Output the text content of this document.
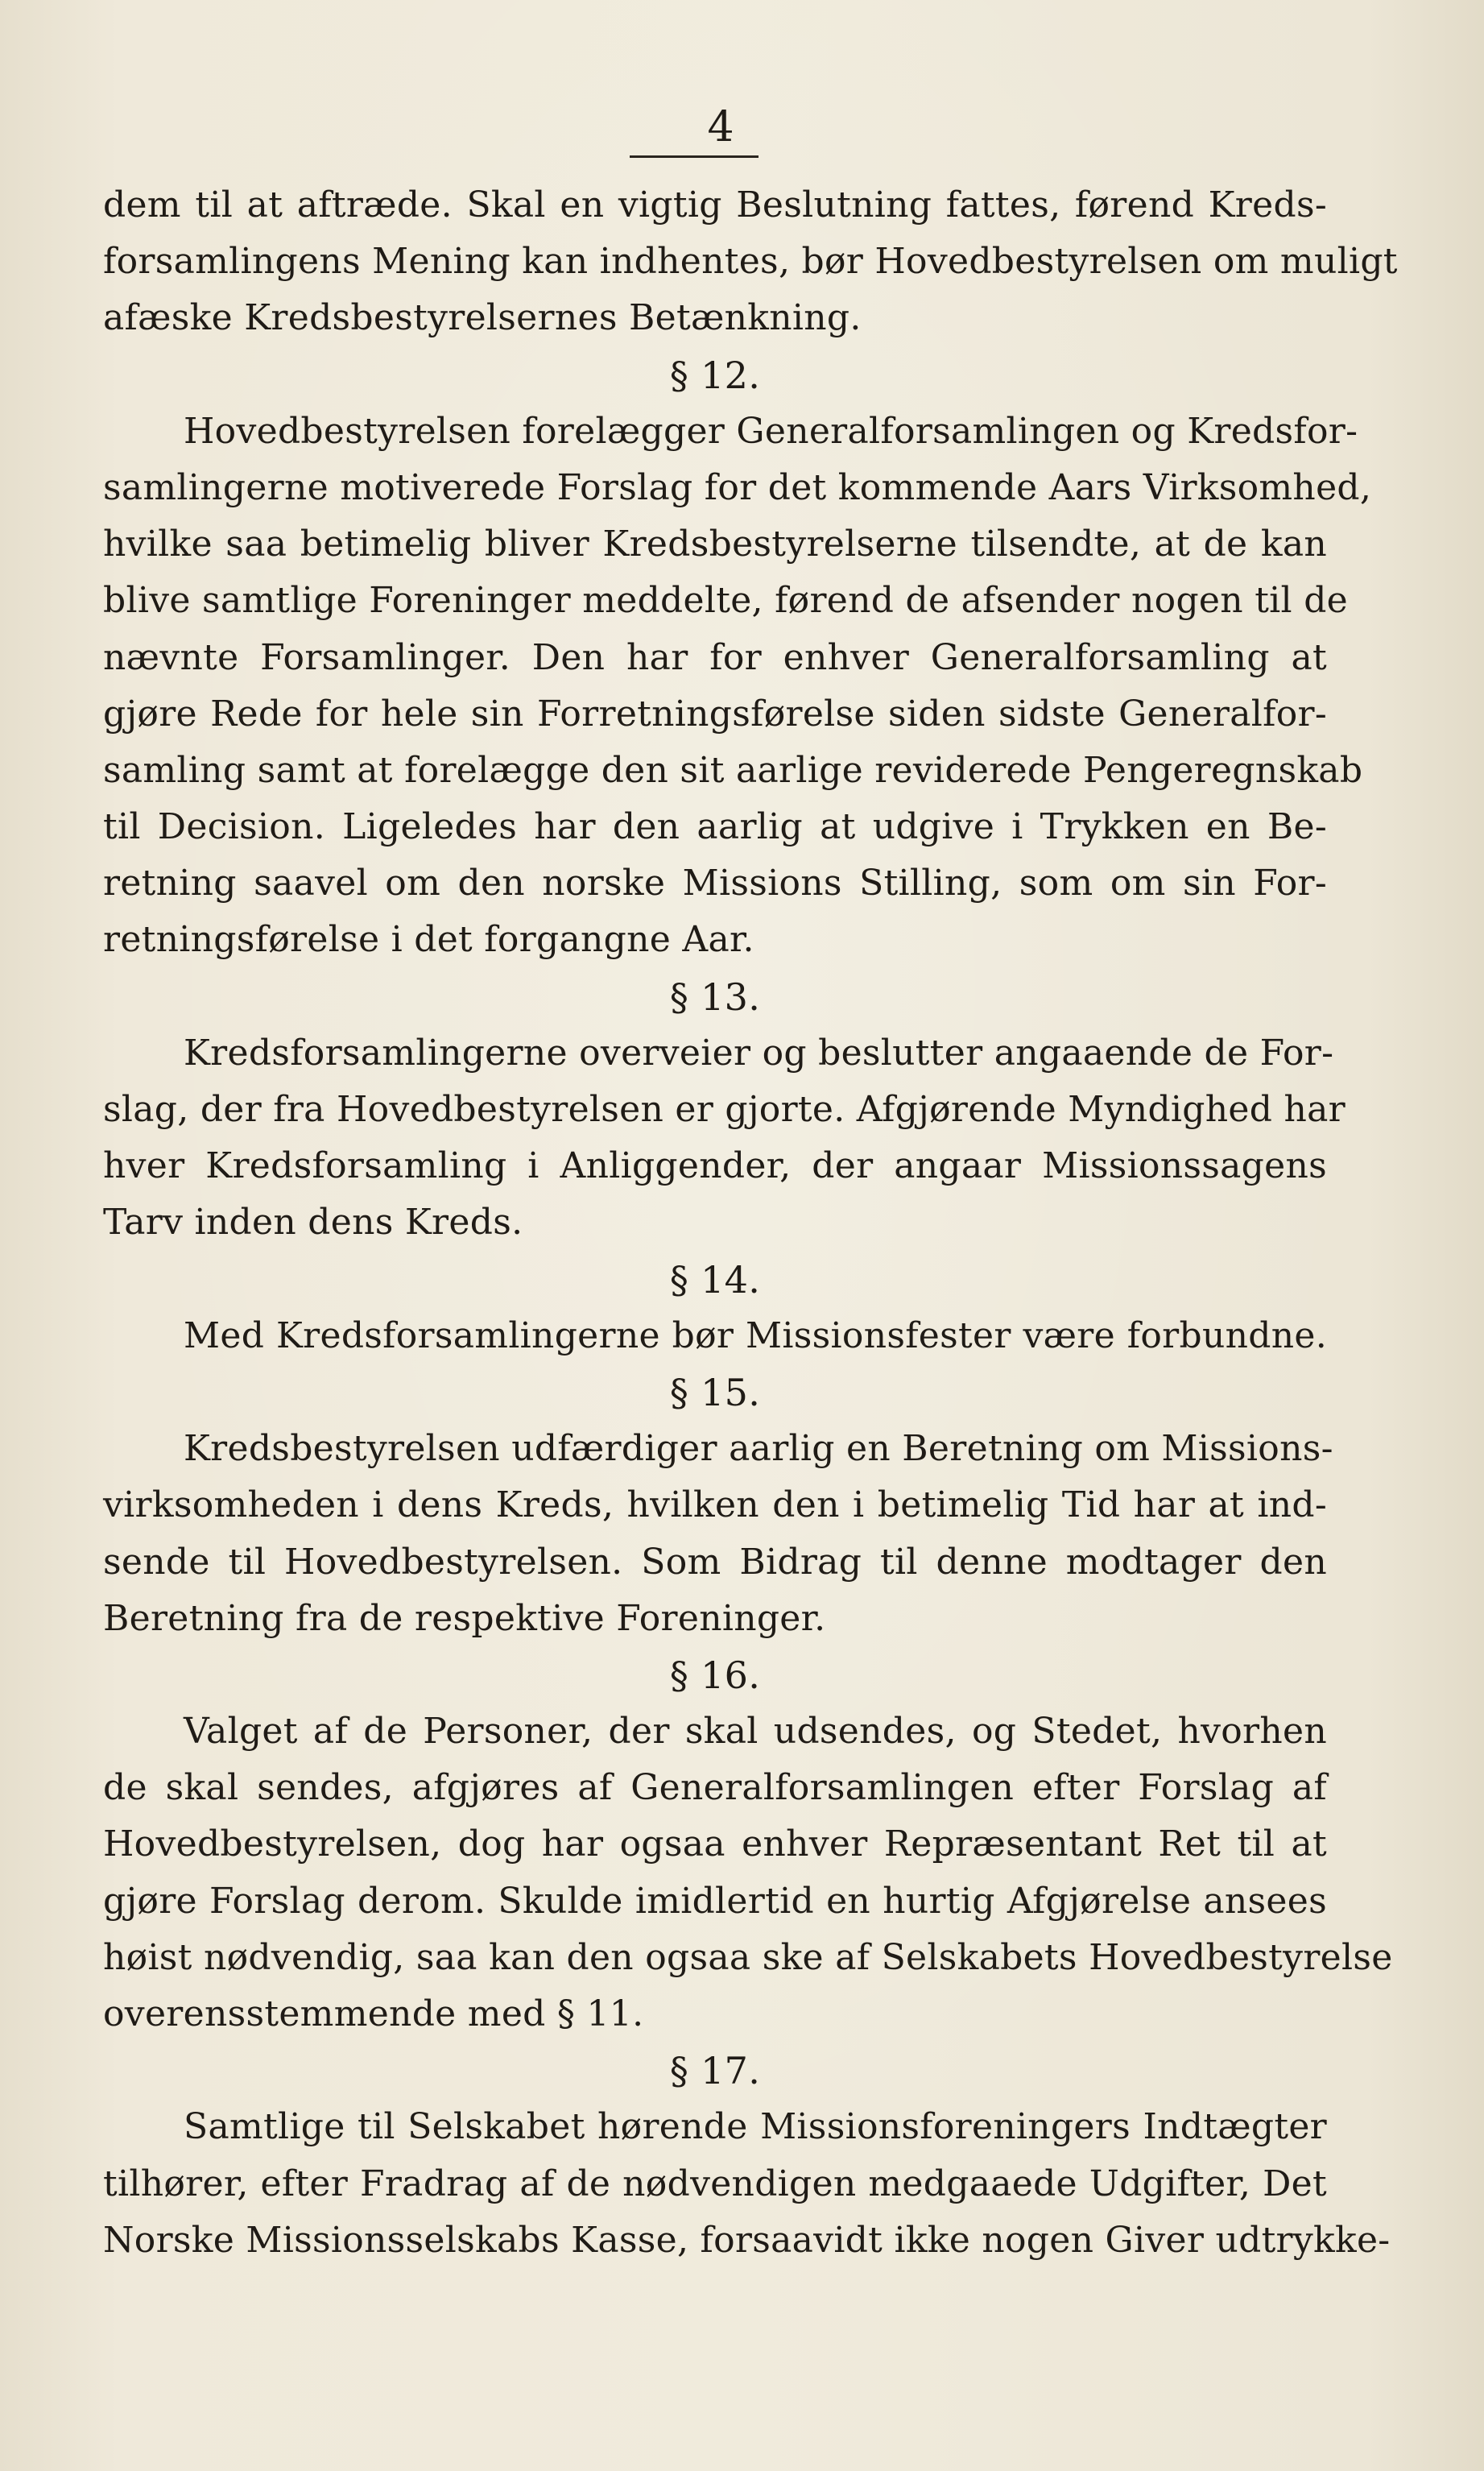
4
dem til at aftræde. Skal en vigtig Beslutning fattes, førend Kreds-
forsamlingens Mening kan indhentes, bør Hovedbestyrelsen om muligt
afæske Kredsbestyrelsernes Betænkning.
§ 12.
Hovedbestyrelsen forelægger Generalforsamlingen og Kredsfor-
samlingerne motiverede Forslag for det kommende Aars Virksomhed,
hvilke saa betimelig bliver Kredsbestyrelserne tilsendte, at de kan
blive samtlige Foreninger meddelte, førend de afsender nogen til de
nævnte Forsamlinger. Den har for enhver Generalforsamling at
gjøre Rede for hele sin Forretningsførelse siden sidste Generalfor-
samling samt at forelægge den sit aarlige reviderede Pengeregnskab
til Decision. Ligeledes har den aarlig at udgive i Trykken en Be-
retning saavel om den norske Missions Stilling, som om sin For-
retningsførelse i det forgangne Aar.
§ 13.
Kredsforsamlingerne overveier og beslutter angaaende de For-
slag, der fra Hovedbestyrelsen er gjorte. Afgjørende Myndighed har
hver Kredsforsamling i Anliggender, der angaar Missionssagens
Tarv inden dens Kreds.
§ 14.
Med Kredsforsamlingerne bør Missionsfester være forbundne.
§ 15.
Kredsbestyrelsen udfærdiger aarlig en Beretning om Missions-
virksomheden i dens Kreds, hvilken den i betimelig Tid har at ind-
sende til Hovedbestyrelsen. Som Bidrag til denne modtager den
Beretning fra de respektive Foreninger.
§ 16.
Valget af de Personer, der skal udsendes, og Stedet, hvorhen
de skal sendes, afgjøres af Generalforsamlingen efter Forslag af
Hovedbestyrelsen, dog har ogsaa enhver Repræsentant Ret til at
gjøre Forslag derom. Skulde imidlertid en hurtig Afgjørelse ansees
høist nødvendig, saa kan den ogsaa ske af Selskabets Hovedbestyrelse
overensstemmende med § 11.
§ 17.
Samtlige til Selskabet hørende Missionsforeningers Indtægter
tilhører, efter Fradrag af de nødvendigen medgaaede Udgifter, Det
Norske Missionsselskabs Kasse, forsaavidt ikke nogen Giver udtrykke-
